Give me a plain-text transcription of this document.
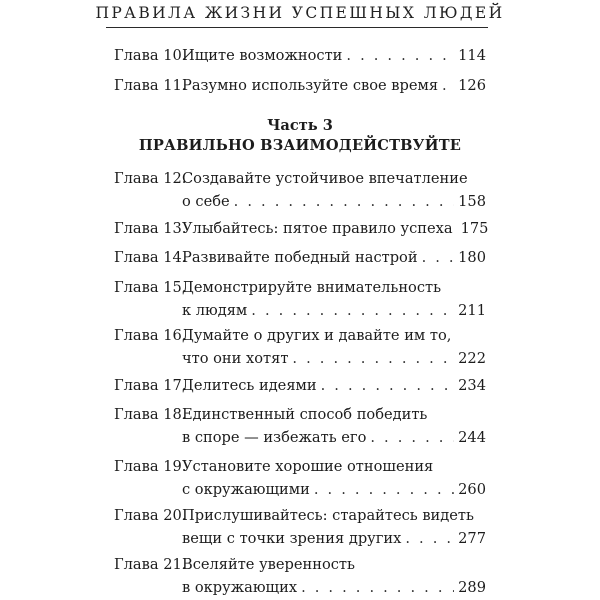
ПРАВИЛА ЖИЗНИ УСПЕШНЫХ ЛЮДЕЙ
Глава 10.
Ищите возможности . . .	114
Глава 11.
Разумно используйте свое время . . . 126
Часть 3
ПРАВИЛЬНО ВЗАИМОДЕЙСТВУЙТЕ
Глава 12.
Создавайте устойчивое впечатление
о себе . . .	158
Глава 13.
Улыбайтесь: пятое правило успеха 175
Глава 14.
Развивайте победный настрой . . .	180
Глава 15.
Демонстрируйте внимательность
к людям . . .	211
Глава 16.
Думайте о других и давайте им то,
что они хотят . . .	222
Глава 17.
Делитесь идеями . . .	234
Глава 18.
Единственный способ победить
в споре — избежать его . . .	244
Глава 19.
Установите хорошие отношения
с окружающими . . .	260
Глава 20.
Прислушивайтесь: старайтесь видеть
вещи с точки зрения других . . .	277
Глава 21.
Вселяйте уверенность
в окружающих . . .	289
